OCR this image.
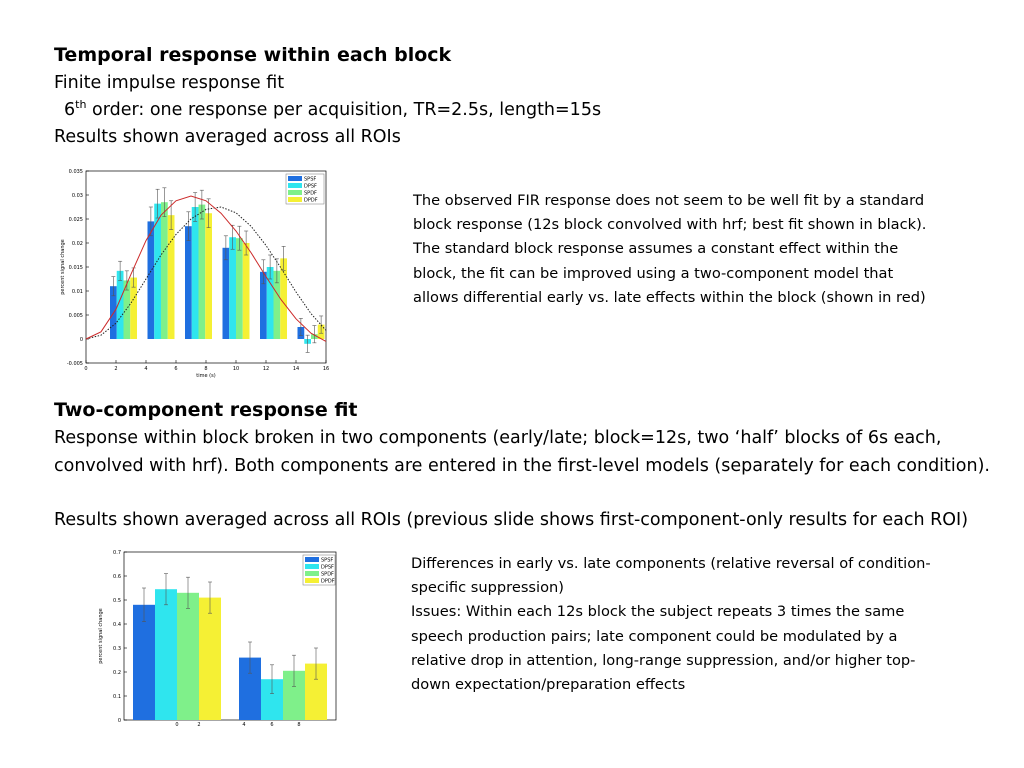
Temporal response within each block
Finite impulse response fit
6th order: one response per acquisition, TR=2.5s, length=15s
Results shown averaged across all ROIs
-0.005
0
0.005
0.01
0.015
0.02
0.025
0.03
0.035
percent signal change
0	2	4	6	8	10	12	14	16
time (s)
SPSF
DPSF
SPDF
DPDF	The observed FIR response does not seem to be well fit by a standard block response (12s block convolved with hrf; best fit shown in black). The standard block response assumes a constant effect within the block, the fit can be improved using a two-component model that allows differential early vs. late effects within the block (shown in red)
Two-component response fit
Response within block broken in two components (early/late; block=12s, two ‘half’ blocks of 6s each, convolved with hrf). Both components are entered in the first-level models (separately for each condition).
Results shown averaged across all ROIs (previous slide shows first-component-only results for each ROI)
0
0.1
0.2
0.3
0.4
0.5
0.6
0.7
percent signal change
0	2	4	6	8
SPSF
DPSF
SPDF
DPDF
Differences in early vs. late components (relative reversal of condition-specific suppression)
Issues: Within each 12s block the subject repeats 3 times the same speech production pairs; late component could be modulated by a relative drop in attention, long-range suppression, and/or higher top-down expectation/preparation effects
